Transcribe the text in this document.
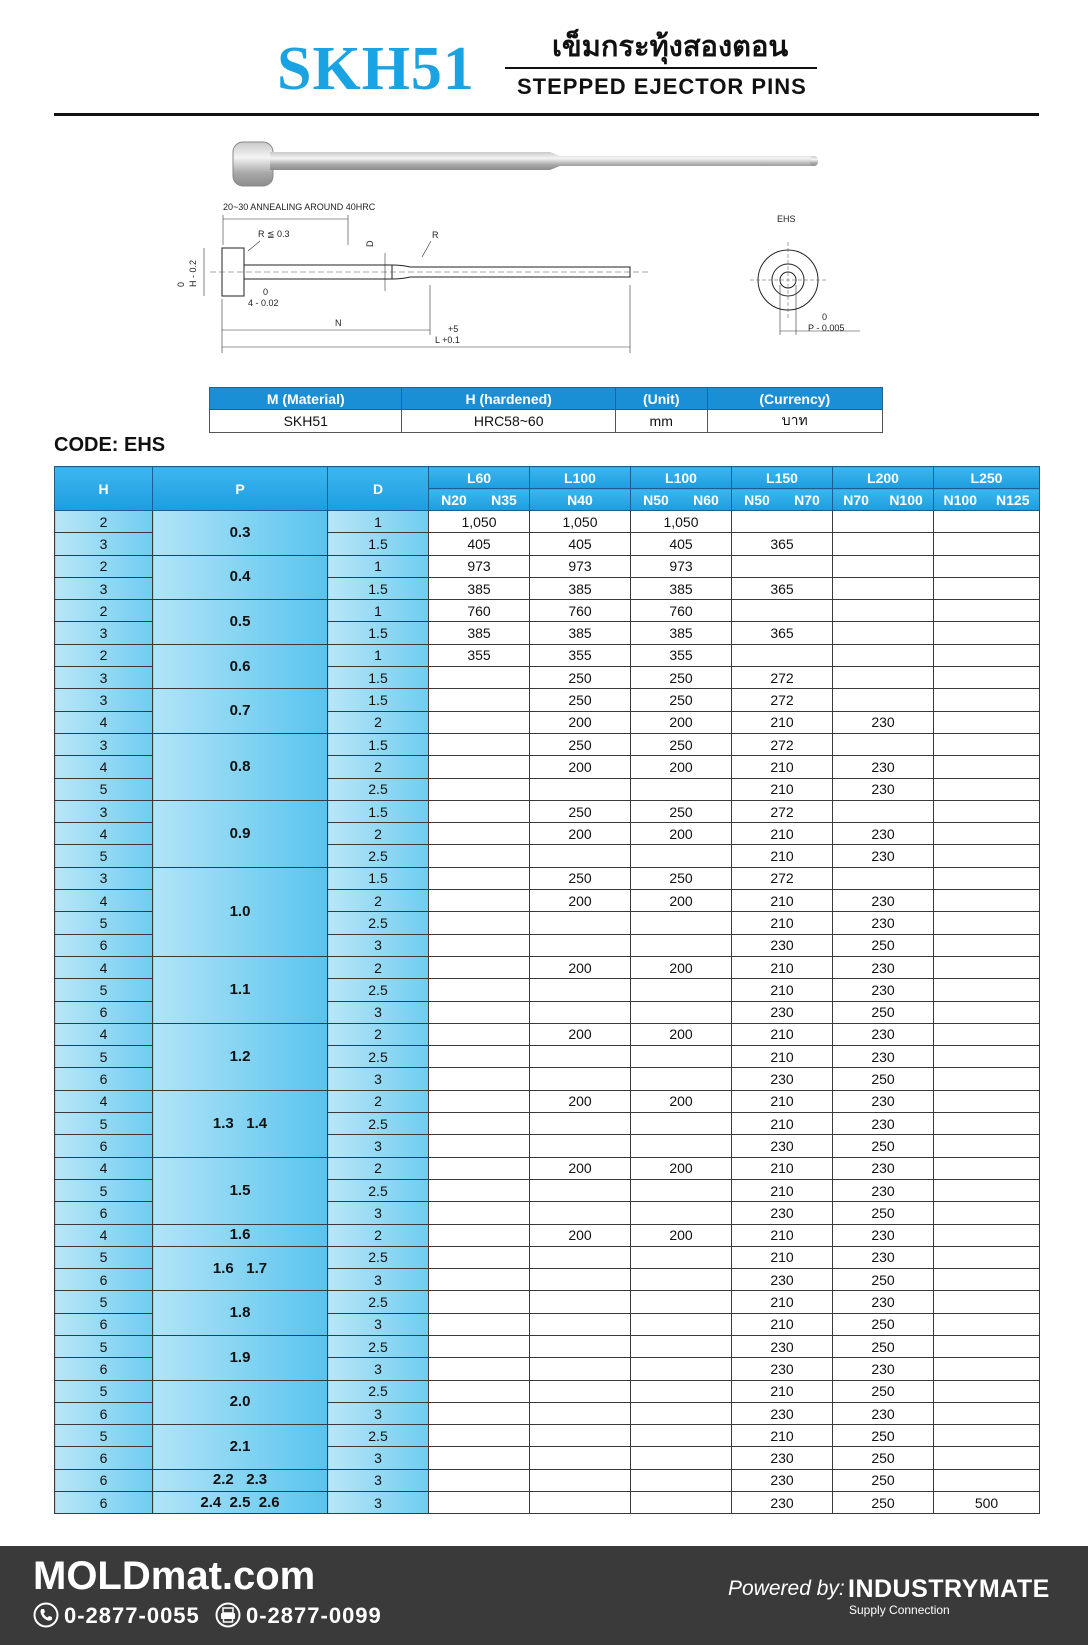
SKH51	เข็มกระทุ้งสองตอน
STEPPED EJECTOR PINS
20~30 ANNEALING AROUND 40HRC
R ≦ 0.3
D
R
0 H - 0.2
0
4 - 0.02
N
+5
L +0.1
EHS
0
P - 0.005
M (Material)	H (hardened)	(Unit)	(Currency)
SKH51	HRC58~60	mm	บาท
CODE: EHS
H	P	D	L60	L100	L100	L150	L200	L250

			N20 N35	N40	N50 N60	N50 N70	N70 N100	N100 N125

2	0.3	1	1,050	1,050	1,050			
3		1.5	405	405	405	365		
2	0.4	1	973	973	973			
3		1.5	385	385	385	365		
2	0.5	1	760	760	760			
3		1.5	385	385	385	365		
2	0.6	1	355	355	355			
3		1.5		250	250	272		
3	0.7	1.5		250	250	272		
4		2		200	200	210	230	
3	0.8	1.5		250	250	272		
4		2		200	200	210	230	
5		2.5				210	230	
3	0.9	1.5		250	250	272		
4		2		200	200	210	230	
5		2.5				210	230	
3	1.0	1.5		250	250	272		
4		2		200	200	210	230	
5		2.5				210	230	
6		3				230	250	
4	1.1	2		200	200	210	230	
5		2.5				210	230	
6		3				230	250	
4	1.2	2		200	200	210	230	
5		2.5				210	230	
6		3				230	250	
4	1.3   1.4	2		200	200	210	230	
5		2.5				210	230	
6		3				230	250	
4	1.5	2		200	200	210	230	
5		2.5				210	230	
6		3				230	250	
4	1.6	2		200	200	210	230	
5	1.6   1.7	2.5				210	230	
6		3				230	250	
5	1.8	2.5				210	230	
6		3				210	250	
5	1.9	2.5				230	250	
6		3				230	230	
5	2.0	2.5				210	250	
6		3				230	230	
5	2.1	2.5				210	250	
6		3				230	250	
6	2.2   2.3	3				230	250	
6	2.4  2.5  2.6	3				230	250	500
MOLDmat.com
0-2877-0055 0-2877-0099
Powered by: INDUSTRYMATE
Supply Connection
